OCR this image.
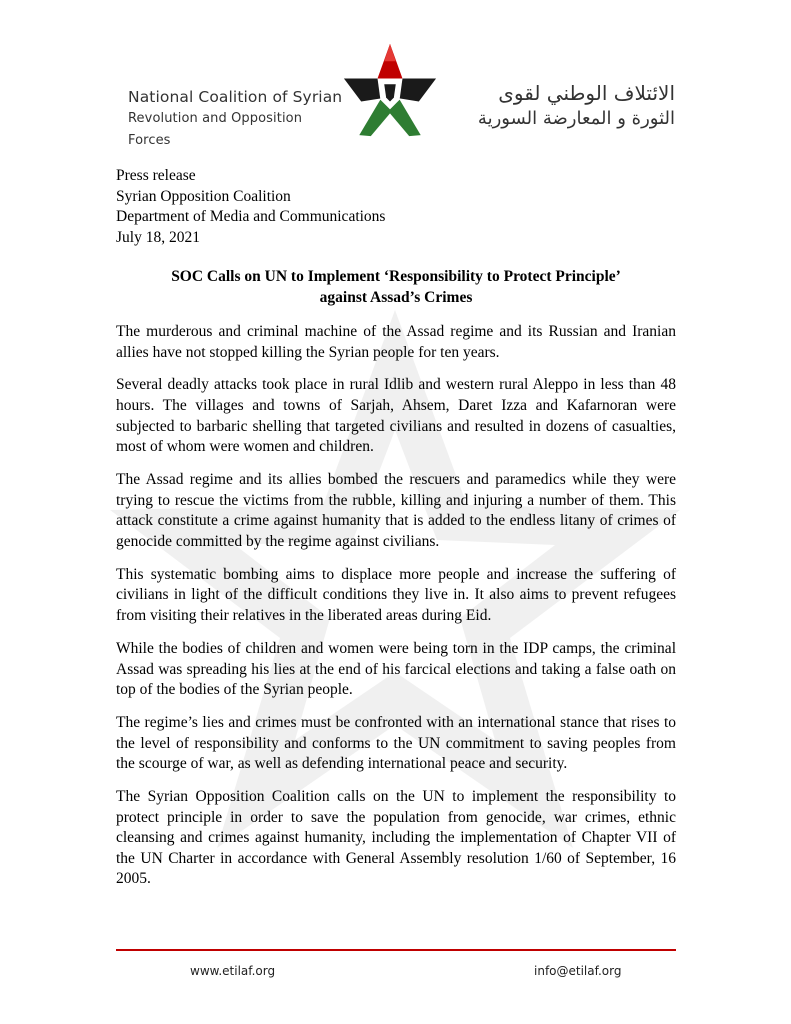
National Coalition of Syrian
Revolution and Opposition Forces
الائتلاف الوطني لقوى
الثورة و المعارضة السورية
Press release
Syrian Opposition Coalition
Department of Media and Communications
July 18, 2021
SOC Calls on UN to Implement ‘Responsibility to Protect Principle’
against Assad’s Crimes

The murderous and criminal machine of the Assad regime and its Russian and Iranian allies have not stopped killing the Syrian people for ten years.

Several deadly attacks took place in rural Idlib and western rural Aleppo in less than 48 hours. The villages and towns of Sarjah, Ahsem, Daret Izza and Kafarnoran were subjected to barbaric shelling that targeted civilians and resulted in dozens of casualties, most of whom were women and children.

The Assad regime and its allies bombed the rescuers and paramedics while they were trying to rescue the victims from the rubble, killing and injuring a number of them. This attack constitute a crime against humanity that is added to the endless litany of crimes of genocide committed by the regime against civilians.

This systematic bombing aims to displace more people and increase the suffering of civilians in light of the difficult conditions they live in. It also aims to prevent refugees from visiting their relatives in the liberated areas during Eid.

While the bodies of children and women were being torn in the IDP camps, the criminal Assad was spreading his lies at the end of his farcical elections and taking a false oath on top of the bodies of the Syrian people.

The regime’s lies and crimes must be confronted with an international stance that rises to the level of responsibility and conforms to the UN commitment to saving peoples from the scourge of war, as well as defending international peace and security.

The Syrian Opposition Coalition calls on the UN to implement the responsibility to protect principle in order to save the population from genocide, war crimes, ethnic cleansing and crimes against humanity, including the implementation of Chapter VII of the UN Charter in accordance with General Assembly resolution 1/60 of September, 16 2005.

www.etilaf.org	info@etilaf.org
